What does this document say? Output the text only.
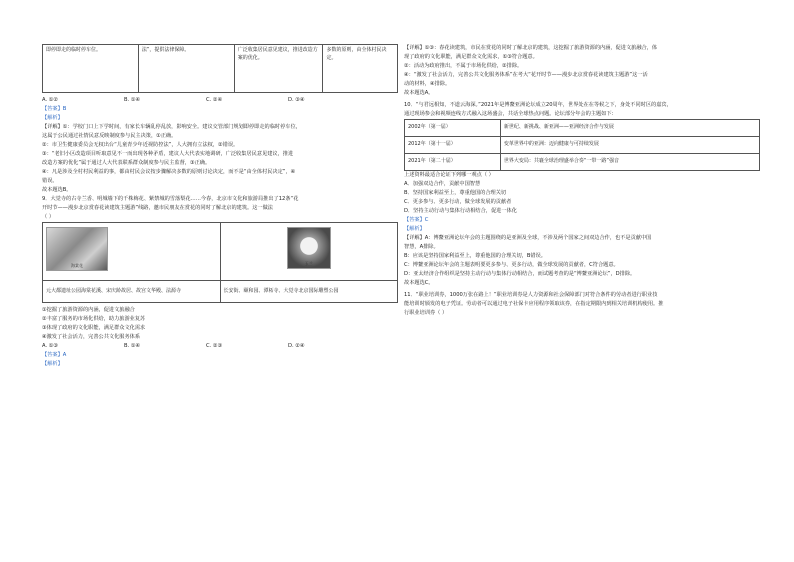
即停即走的临时停车位。	法”，提供法律保障。	广泛收集居民意见建议，推进改造方案的优化。	多数的原则，由全体村民决定。
A. ①②	B. ①④	C. ②④	D. ③④
【答案】B
【解析】
【详解】①：学校门口上下学时间，有家长车辆乱停乱放，影响安全。建议交管部门规划即停即走的临时停车位，
这属于公民通过社情民意反映制度参与民主决策，①正确。
②：市卫生健康委员会无权出台“儿童青少年近视防控法”，人大拥有立法权，②错误。
③：“老旧小区改造项目听取意见不一而出现各种矛盾，建议人大代表实地调研，广泛收集居民意见建议，推进
改造方案的优化”属于通过人大代表联系群众制度参与民主监督，③正确。
④：凡是涉及全村村民利益的事，都由村民会议按步骤解决多数的原则讨论决定，而不是“由全体村民决定”，④
错误。
故本题选B。
9．大觉寺的古寺兰香、明城墙下的千株梅花、紫禁城的雪落梨花……今春，北京市文化和旅游局推出了12条“花
开时节——漫步北京赏春花读建筑主题游”线路，邀市民朋友在赏花的同时了解北京的建筑。这一做法
（ ）
海棠花	玉兰

元大都遗址公园海棠花溪、宋庆龄故居、故宫文华殿、法源寺	长安街、颐和园、潭柘寺、大觉寺北京国际雕塑公园
①挖掘了旅游资源的内涵，促进文旅融合
②丰富了服务的市场化供给，助力旅游业复苏
③体现了政府的文化职能，满足群众文化需求
④激发了社会活力，完善公共文化服务体系
A. ①③	B. ①④	C. ②③	D. ②④
【答案】A
【解析】
【详解】①③：春花读建筑，市民在赏花的同时了解北京的建筑，这挖掘了旅游资源的内涵，促进文旅融合，体
现了政府的文化职能，满足群众文化需求，①③符合题意。
②：活动为政府推出，不属于市场化供给，②排除。
④：“激发了社会活力，完善公共文化服务体系”在考大“花开时节——漫步北京赏春花读建筑主题游”这一活
动的材料，④排除。
故本题选A。
10．“与君远相知，不道云海深。”2021年是博鳌亚洲论坛成立20周年，世界处在在等候之下，身处不同时区的嘉宾，
通过现场参会和视频连线方式融入这场盛会，共话全球热点问题。论坛部分年会的主题如下：
2002年（第一届）	新世纪、新挑战、新亚洲——亚洲经济合作与发展
2012年（第十一届）	变革世界中的亚洲：迈向健康与可持续发展
2021年（第二十届）	世界大变局：共襄全球治理盛举合奏“一带一路”强音
上述资料最适合论证下列哪一观点（ ）
A．加强双边合作，贡献中国智慧
B．坚持国家利益至上，尊重他国的合理关切
C．更多参与、更多行动，做全球发展的贡献者
D．坚持主动行动与集体行动相结合，促进一体化
【答案】C
【解析】
【详解】A：博鳌亚洲论坛年会的主题围绕的是亚洲及全球，不涉及两个国家之间双边合作，也不是贡献中国
智慧，A排除。
B：应该是坚持国家利益至上，尊重他国的合理关切，B错误。
C：博鳌亚洲论坛年会的主题表明要更多参与、更多行动，做全球发展的贡献者，C符合题意。
D：亚太经济合作组织是坚持主动行动与集体行动相结合，而试题考查的是“博鳌亚洲论坛”，D排除。
故本题选C。
11．“职业培训券，1000万张在路上！”职业培训券是人力资源和社会保障部门对符合条件的劳动者进行职业技
能培训时颁发的电子凭证。劳动者可以通过电子社保卡应用程序领取该券，在指定期限内到相关培训机构使用。推
行职业培训券（ ）
